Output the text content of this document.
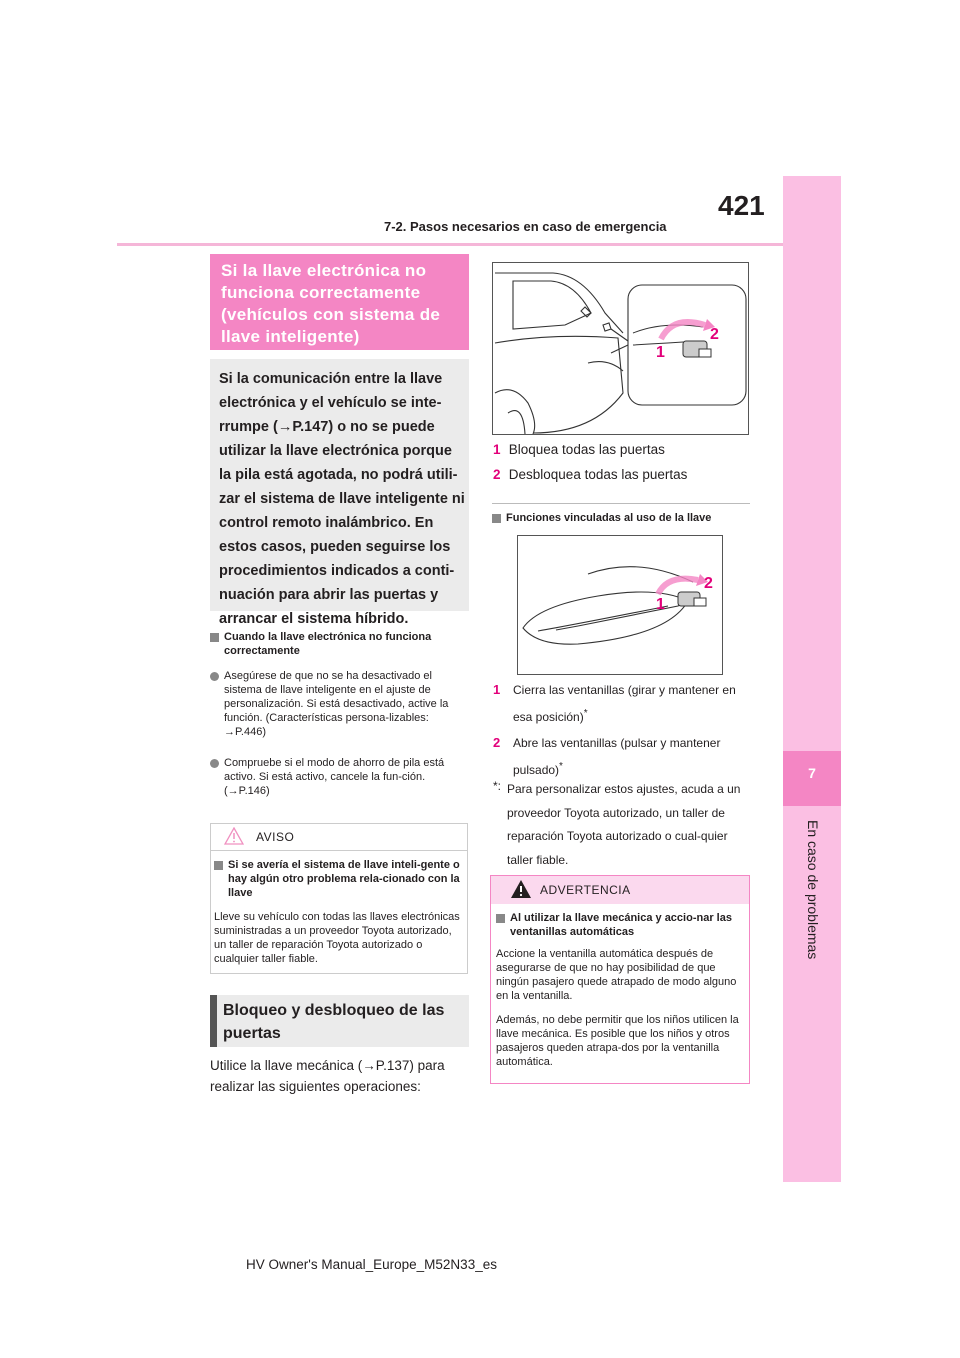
421
7-2. Pasos necesarios en caso de emergencia
7
En caso de problemas
Si la llave electrónica no funciona correctamente (vehículos con sistema de llave inteligente)
Si la comunicación entre la llave electrónica y el vehículo se inte-rrumpe (→P.147) o no se puede utilizar la llave electrónica porque la pila está agotada, no podrá utili-zar el sistema de llave inteligente ni control remoto inalámbrico. En estos casos, pueden seguirse los procedimientos indicados a conti-nuación para abrir las puertas y arrancar el sistema híbrido.
Cuando la llave electrónica no funciona correctamente
Asegúrese de que no se ha desactivado el sistema de llave inteligente en el ajuste de personalización. Si está desactivado, active la función. (Características persona-lizables: →P.446)
Compruebe si el modo de ahorro de pila está activo. Si está activo, cancele la fun-ción. (→P.146)
AVISO
Si se avería el sistema de llave inteli-gente o hay algún otro problema rela-cionado con la llave
Lleve su vehículo con todas las llaves electrónicas suministradas a un proveedor Toyota autorizado, un taller de reparación Toyota autorizado o cualquier taller fiable.
Bloqueo y desbloqueo de las puertas
Utilice la llave mecánica (→P.137) para realizar las siguientes operaciones:
2
1
1 Bloquea todas las puertas
2 Desbloquea todas las puertas
Funciones vinculadas al uso de la llave
2
1
1 Cierra las ventanillas (girar y mantener en esa posición)*
2 Abre las ventanillas (pulsar y mantener pulsado)*
*: Para personalizar estos ajustes, acuda a un proveedor Toyota autorizado, un taller de reparación Toyota autorizado o cual-quier taller fiable.
ADVERTENCIA
Al utilizar la llave mecánica y accio-nar las ventanillas automáticas
Accione la ventanilla automática después de asegurarse de que no hay posibilidad de que ningún pasajero quede atrapado de modo alguno en la ventanilla.
Además, no debe permitir que los niños utilicen la llave mecánica. Es posible que los niños y otros pasajeros queden atrapa-dos por la ventanilla automática.
HV Owner's Manual_Europe_M52N33_es
